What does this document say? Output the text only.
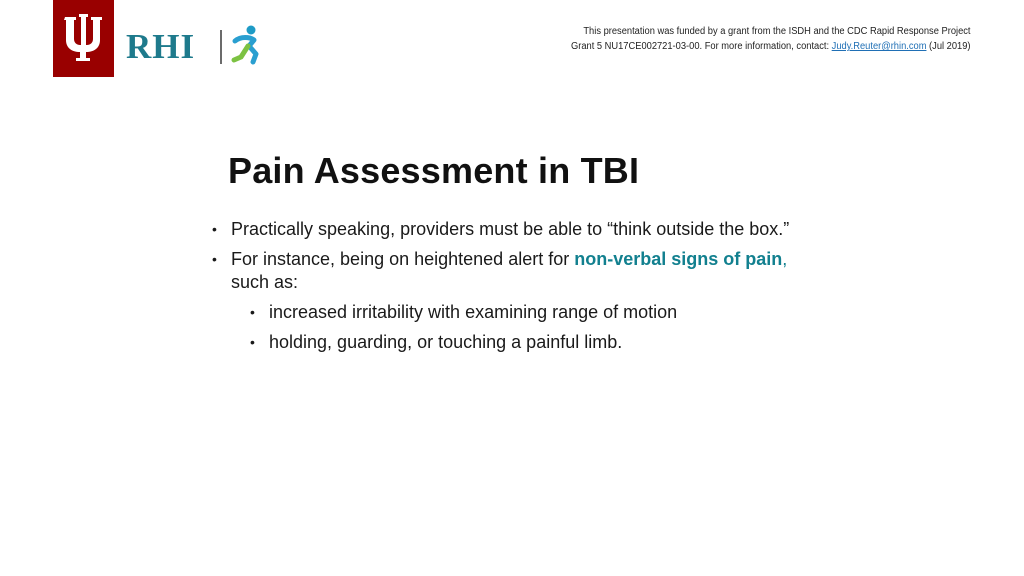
RHI	This presentation was funded by a grant from the ISDH and the CDC Rapid Response Project
Grant 5 NU17CE002721-03-00. For more information, contact: Judy.Reuter@rhin.com (Jul 2019)
Pain Assessment in TBI
• Practically speaking, providers must be able to “think outside the box.”
• For instance, being on heightened alert for non-verbal signs of pain, such as:
• increased irritability with examining range of motion
• holding, guarding, or touching a painful limb.
